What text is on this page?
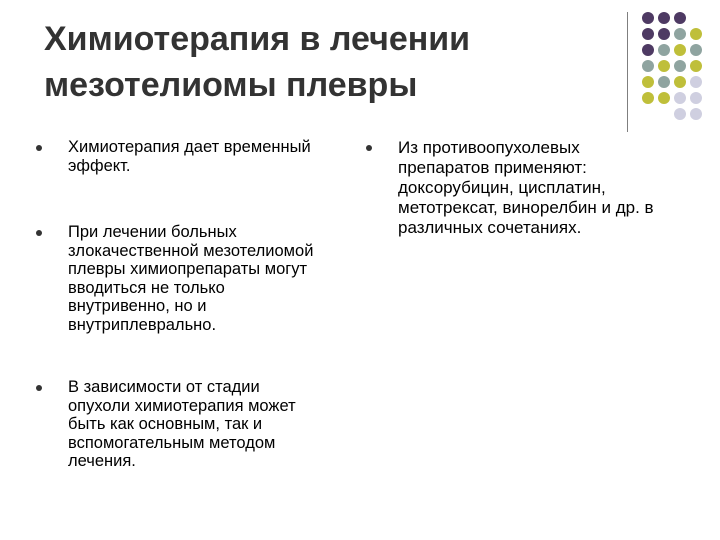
Химиотерапия в лечении
мезотелиомы плевры
Химиотерапия дает временный эффект.
При лечении больных злокачественной мезотелиомой плевры химиопрепараты могут вводиться не только внутривенно, но и внутриплеврально.
В зависимости от стадии опухоли химиотерапия может быть как основным, так и вспомогательным методом лечения.
Из противоопухолевых препаратов применяют: доксорубицин, цисплатин, метотрексат, винорелбин и др. в различных сочетаниях.
